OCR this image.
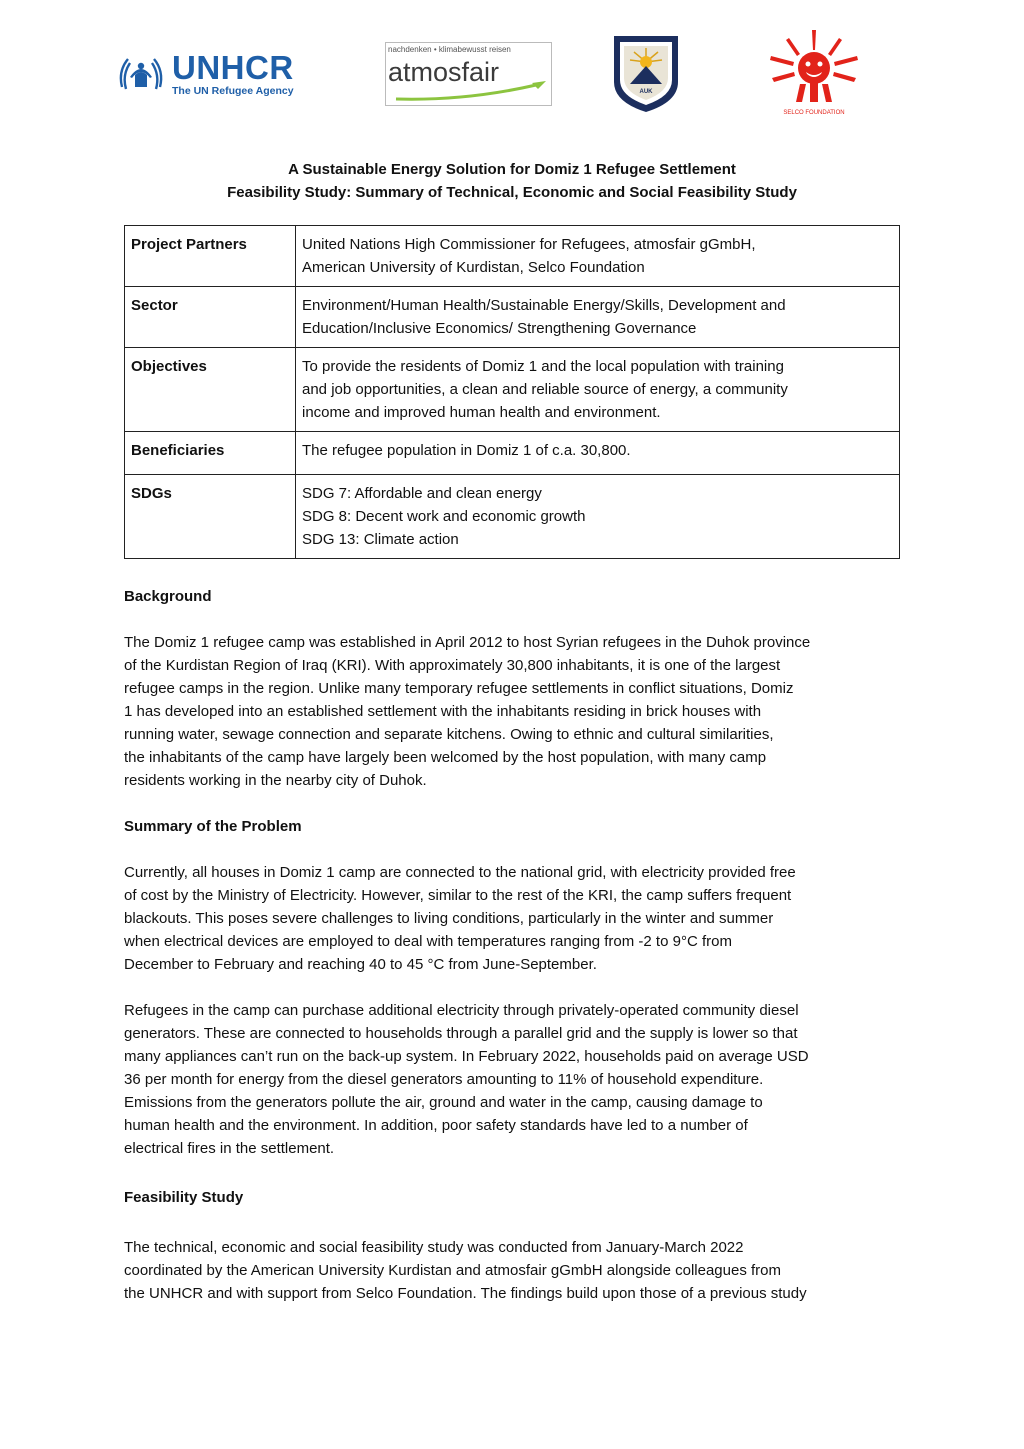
UNHCR
The UN Refugee Agency
nachdenken • klimabewusst reisen
atmosfair
AUK
SELCO FOUNDATION
A Sustainable Energy Solution for Domiz 1 Refugee Settlement
Feasibility Study: Summary of Technical, Economic and Social Feasibility Study
Project Partners	United Nations High Commissioner for Refugees, atmosfair gGmbH,
American University of Kurdistan, Selco Foundation

Sector	Environment/Human Health/Sustainable Energy/Skills, Development and
Education/Inclusive Economics/ Strengthening Governance

Objectives	To provide the residents of Domiz 1 and the local population with training
and job opportunities, a clean and reliable source of energy, a community
income and improved human health and environment.

Beneficiaries	The refugee population in Domiz 1 of c.a. 30,800.

SDGs	SDG 7: Affordable and clean energy
SDG 8: Decent work and economic growth
SDG 13: Climate action
Background
The Domiz 1 refugee camp was established in April 2012 to host Syrian refugees in the Duhok province
of the Kurdistan Region of Iraq (KRI). With approximately 30,800 inhabitants, it is one of the largest
refugee camps in the region. Unlike many temporary refugee settlements in conflict situations, Domiz
1 has developed into an established settlement with the inhabitants residing in brick houses with
running water, sewage connection and separate kitchens. Owing to ethnic and cultural similarities,
the inhabitants of the camp have largely been welcomed by the host population, with many camp
residents working in the nearby city of Duhok.
Summary of the Problem
Currently, all houses in Domiz 1 camp are connected to the national grid, with electricity provided free
of cost by the Ministry of Electricity. However, similar to the rest of the KRI, the camp suffers frequent
blackouts. This poses severe challenges to living conditions, particularly in the winter and summer
when electrical devices are employed to deal with temperatures ranging from -2 to 9°C from
December to February and reaching 40 to 45 °C from June-September.
Refugees in the camp can purchase additional electricity through privately-operated community diesel
generators. These are connected to households through a parallel grid and the supply is lower so that
many appliances can’t run on the back-up system. In February 2022, households paid on average USD
36 per month for energy from the diesel generators amounting to 11% of household expenditure.
Emissions from the generators pollute the air, ground and water in the camp, causing damage to
human health and the environment. In addition, poor safety standards have led to a number of
electrical fires in the settlement.
Feasibility Study
The technical, economic and social feasibility study was conducted from January-March 2022
coordinated by the American University Kurdistan and atmosfair gGmbH alongside colleagues from
the UNHCR and with support from Selco Foundation. The findings build upon those of a previous study
